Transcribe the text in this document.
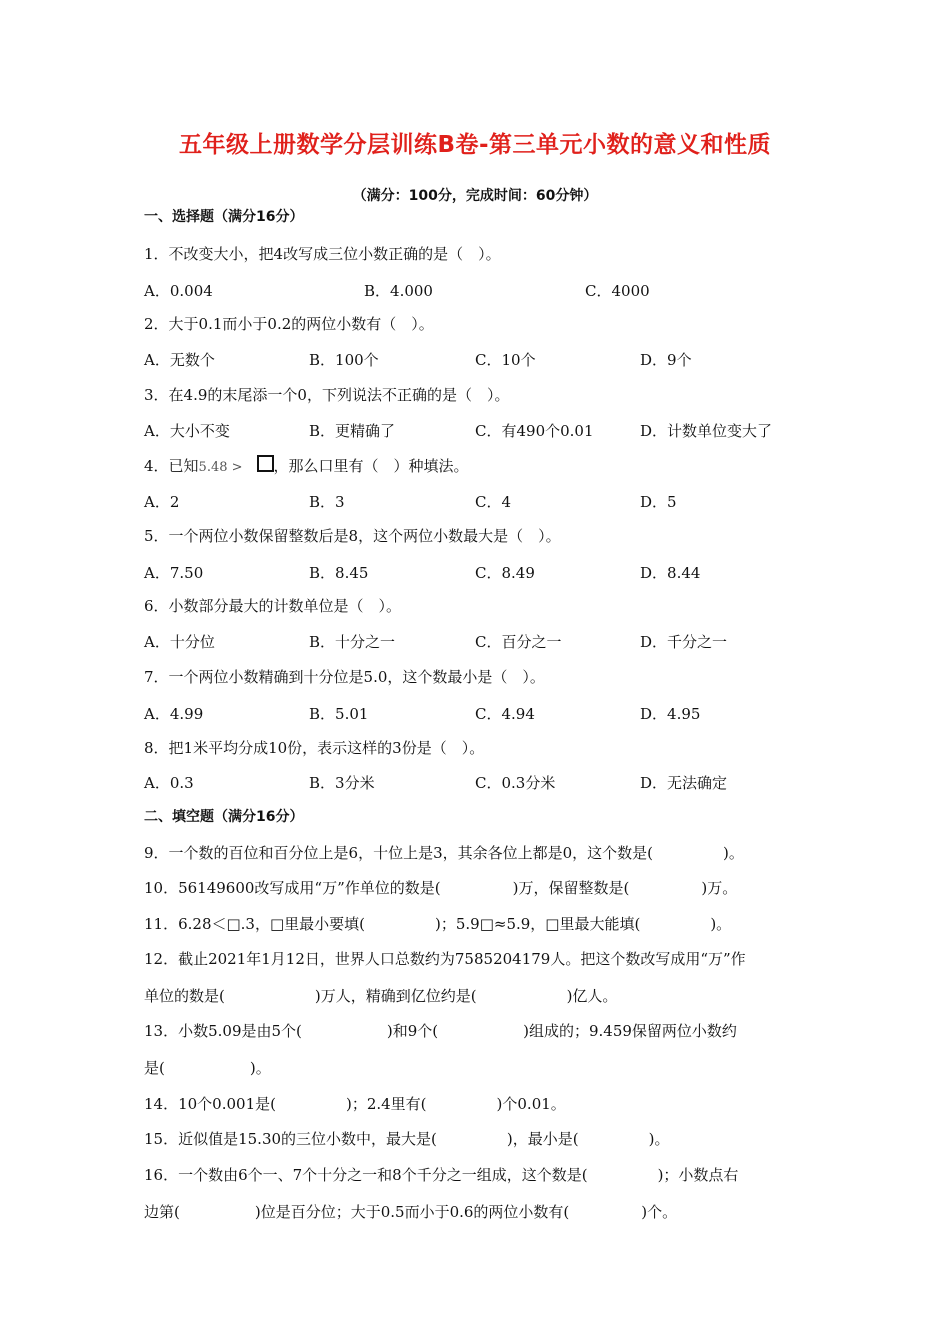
五年级上册数学分层训练B卷-第三单元小数的意义和性质
（满分：100分，完成时间：60分钟）
一、选择题（满分16分）
1．不改变大小，把4改写成三位小数正确的是（　）。
A．0.004	B．4.000	C．4000
2．大于0.1而小于0.2的两位小数有（　）。
A．无数个	B．100个	C．10个	D．9个
3．在4.9的末尾添一个0，下列说法不正确的是（　）。
A．大小不变	B．更精确了	C．有490个0.01	D．计数单位变大了
4．已知5.48 > ，那么口里有（　）种填法。
A．2	B．3	C．4	D．5
5．一个两位小数保留整数后是8，这个两位小数最大是（　）。
A．7.50	B．8.45	C．8.49	D．8.44
6．小数部分最大的计数单位是（　）。
A．十分位	B．十分之一	C．百分之一	D．千分之一
7．一个两位小数精确到十分位是5.0，这个数最小是（　）。
A．4.99	B．5.01	C．4.94	D．4.95
8．把1米平均分成10份，表示这样的3份是（　）。
A．0.3	B．3分米	C．0.3分米	D．无法确定
二、填空题（满分16分）
9．一个数的百位和百分位上是6，十位上是3，其余各位上都是0，这个数是(	)。
10．56149600改写成用“万”作单位的数是(	)万，保留整数是(	)万。
11．6.28＜□.3，□里最小要填(	)；5.9□≈5.9，□里最大能填(	)。
12．截止2021年1月12日，世界人口总数约为7585204179人。把这个数改写成用“万”作
单位的数是(	)万人，精确到亿位约是(	)亿人。
13．小数5.09是由5个(	)和9个(	)组成的；9.459保留两位小数约
是(	)。
14．10个0.001是(	)；2.4里有(	)个0.01。
15．近似值是15.30的三位小数中，最大是(	)，最小是(	)。
16．一个数由6个一、7个十分之一和8个千分之一组成，这个数是(	)；小数点右
边第(	)位是百分位；大于0.5而小于0.6的两位小数有(	)个。
